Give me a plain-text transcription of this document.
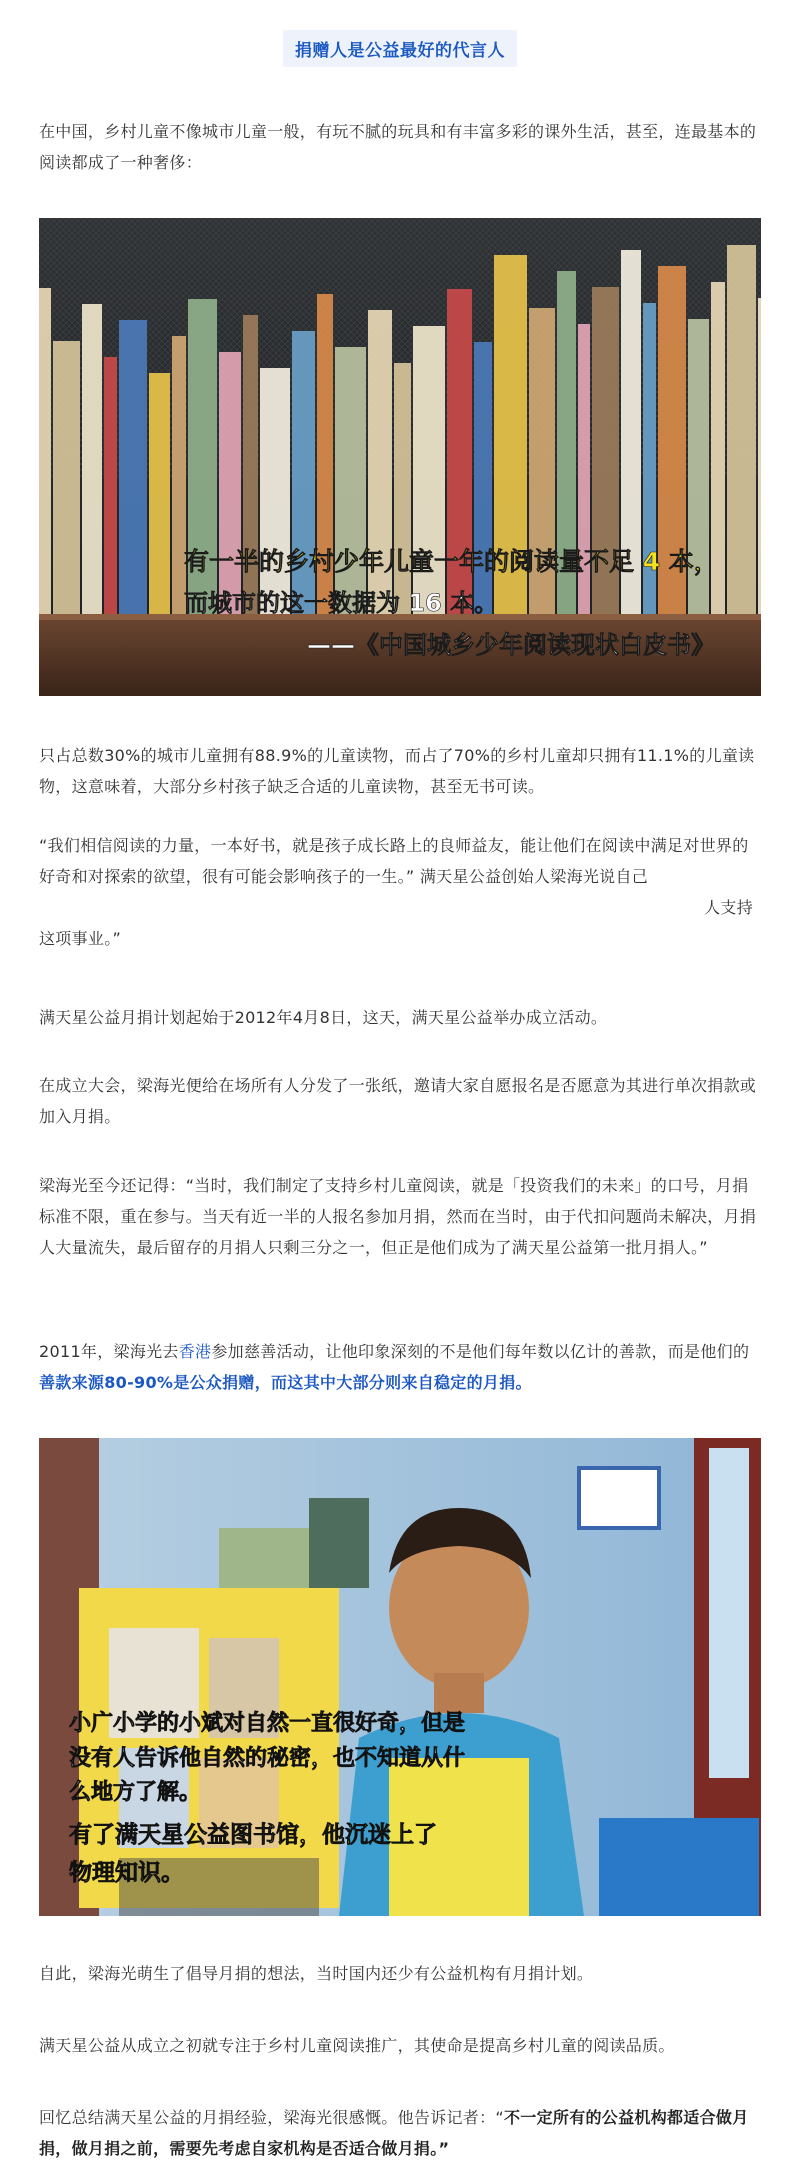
捐赠人是公益最好的代言人

在中国，乡村儿童不像城市儿童一般，有玩不腻的玩具和有丰富多彩的课外生活，甚至，连最基本的阅读都成了一种奢侈：

有一半的乡村少年儿童一年的阅读量不足 4 本，
而城市的这一数据为 16 本。
——《中国城乡少年阅读现状白皮书》

只占总数30%的城市儿童拥有88.9%的儿童读物，而占了70%的乡村儿童却只拥有11.1%的儿童读物，这意味着，大部分乡村孩子缺乏合适的儿童读物，甚至无书可读。

“我们相信阅读的力量，一本好书，就是孩子成长路上的良师益友，能让他们在阅读中满足对世界的好奇和对探索的欲望，很有可能会影响孩子的一生。” 满天星公益创始人梁海光说自己
人支持
这项事业。”

满天星公益月捐计划起始于2012年4月8日，这天，满天星公益举办成立活动。

在成立大会，梁海光便给在场所有人分发了一张纸，邀请大家自愿报名是否愿意为其进行单次捐款或加入月捐。

梁海光至今还记得：“当时，我们制定了支持乡村儿童阅读，就是「投资我们的未来」的口号，月捐标准不限，重在参与。当天有近一半的人报名参加月捐，然而在当时，由于代扣问题尚未解决，月捐人大量流失，最后留存的月捐人只剩三分之一，但正是他们成为了满天星公益第一批月捐人。”

2011年，梁海光去香港参加慈善活动，让他印象深刻的不是他们每年数以亿计的善款，而是他们的善款来源80-90%是公众捐赠，而这其中大部分则来自稳定的月捐。

小广小学的小斌对自然一直很好奇，但是
没有人告诉他自然的秘密，也不知道从什
么地方了解。
有了满天星公益图书馆，他沉迷上了
物理知识。

自此，梁海光萌生了倡导月捐的想法，当时国内还少有公益机构有月捐计划。

满天星公益从成立之初就专注于乡村儿童阅读推广，其使命是提高乡村儿童的阅读品质。

回忆总结满天星公益的月捐经验，梁海光很感慨。他告诉记者：“不一定所有的公益机构都适合做月捐，做月捐之前，需要先考虑自家机构是否适合做月捐。”
